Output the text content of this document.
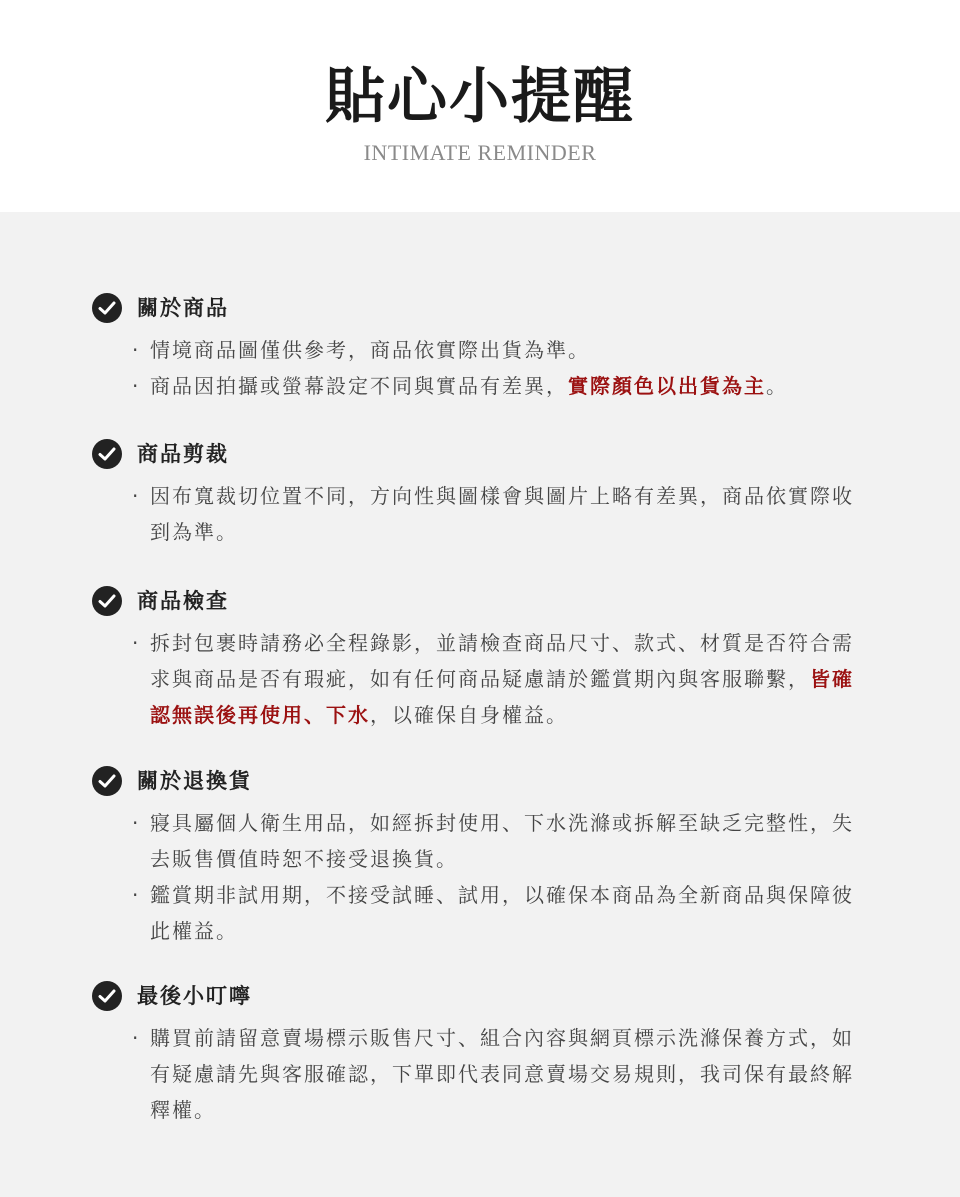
貼心小提醒
INTIMATE REMINDER
關於商品
· 情境商品圖僅供參考，商品依實際出貨為準。
· 商品因拍攝或螢幕設定不同與實品有差異，實際顏色以出貨為主。
商品剪裁
· 因布寬裁切位置不同，方向性與圖樣會與圖片上略有差異，商品依實際收到為準。
商品檢查
· 拆封包裹時請務必全程錄影，並請檢查商品尺寸、款式、材質是否符合需求與商品是否有瑕疵，如有任何商品疑慮請於鑑賞期內與客服聯繫，皆確認無誤後再使用、下水，以確保自身權益。
關於退換貨
· 寢具屬個人衛生用品，如經拆封使用、下水洗滌或拆解至缺乏完整性，失去販售價值時恕不接受退換貨。
· 鑑賞期非試用期，不接受試睡、試用，以確保本商品為全新商品與保障彼此權益。
最後小叮嚀
· 購買前請留意賣場標示販售尺寸、組合內容與網頁標示洗滌保養方式，如有疑慮請先與客服確認，下單即代表同意賣場交易規則，我司保有最終解釋權。
